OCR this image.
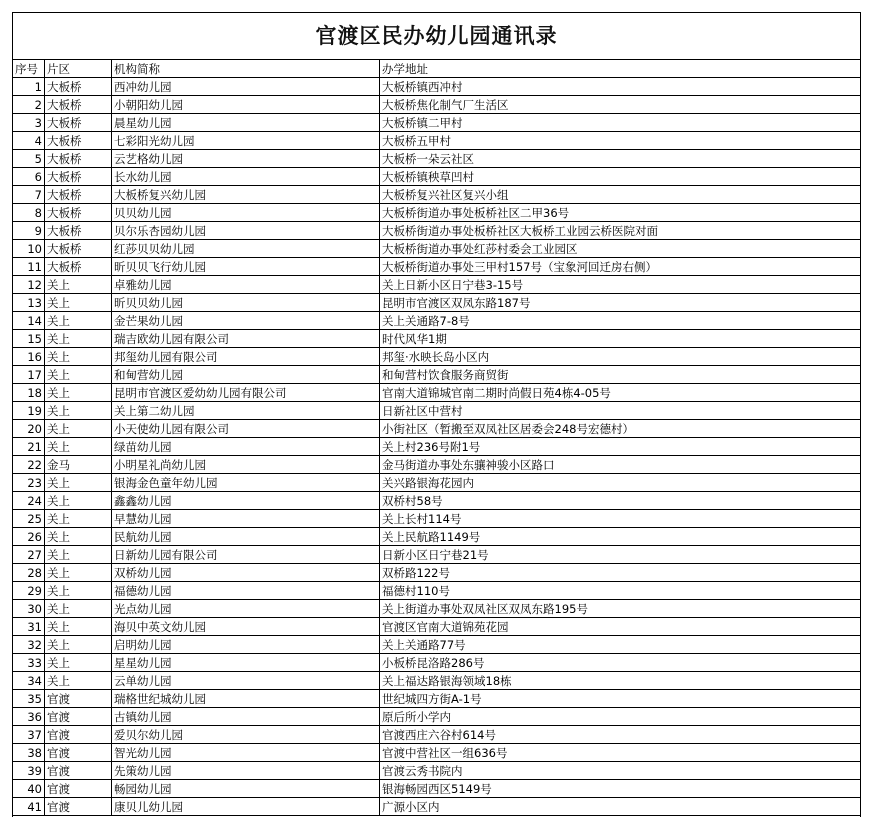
官渡区民办幼儿园通讯录
序号	片区	机构简称	办学地址
1	大板桥	西冲幼儿园	大板桥镇西冲村
2	大板桥	小朝阳幼儿园	大板桥焦化制气厂生活区
3	大板桥	晨星幼儿园	大板桥镇二甲村
4	大板桥	七彩阳光幼儿园	大板桥五甲村
5	大板桥	云艺格幼儿园	大板桥一朵云社区
6	大板桥	长水幼儿园	大板桥镇秧草凹村
7	大板桥	大板桥复兴幼儿园	大板桥复兴社区复兴小组
8	大板桥	贝贝幼儿园	大板桥街道办事处板桥社区二甲36号
9	大板桥	贝尔乐杏园幼儿园	大板桥街道办事处板桥社区大板桥工业园云桥医院对面
10	大板桥	红莎贝贝幼儿园	大板桥街道办事处红莎村委会工业园区
11	大板桥	昕贝贝飞行幼儿园	大板桥街道办事处三甲村157号（宝象河回迁房右侧）
12	关上	卓雅幼儿园	关上日新小区日宁巷3-15号
13	关上	昕贝贝幼儿园	昆明市官渡区双凤东路187号
14	关上	金芒果幼儿园	关上关通路7-8号
15	关上	瑞吉欧幼儿园有限公司	时代风华1期
16	关上	邦玺幼儿园有限公司	邦玺·水映长岛小区内
17	关上	和甸营幼儿园	和甸营村饮食服务商贸街
18	关上	昆明市官渡区爱幼幼儿园有限公司	官南大道锦城官南二期时尚假日苑4栋4-05号
19	关上	关上第二幼儿园	日新社区中营村
20	关上	小天使幼儿园有限公司	小街社区（暂搬至双凤社区居委会248号宏德村）
21	关上	绿苗幼儿园	关上村236号附1号
22	金马	小明星礼尚幼儿园	金马街道办事处东骧神骏小区路口
23	关上	银海金色童年幼儿园	关兴路银海花园内
24	关上	鑫鑫幼儿园	双桥村58号
25	关上	早慧幼儿园	关上长村114号
26	关上	民航幼儿园	关上民航路1149号
27	关上	日新幼儿园有限公司	日新小区日宁巷21号
28	关上	双桥幼儿园	双桥路122号
29	关上	福德幼儿园	福德村110号
30	关上	光点幼儿园	关上街道办事处双凤社区双凤东路195号
31	关上	海贝中英文幼儿园	官渡区官南大道锦苑花园
32	关上	启明幼儿园	关上关通路77号
33	关上	星星幼儿园	小板桥昆洛路286号
34	关上	云单幼儿园	关上福达路银海领域18栋
35	官渡	瑞格世纪城幼儿园	世纪城四方街A-1号
36	官渡	古镇幼儿园	原后所小学内
37	官渡	爱贝尔幼儿园	官渡西庄六谷村614号
38	官渡	智光幼儿园	官渡中营社区一组636号
39	官渡	先策幼儿园	官渡云秀书院内
40	官渡	畅园幼儿园	银海畅园西区5149号
41	官渡	康贝儿幼儿园	广源小区内
